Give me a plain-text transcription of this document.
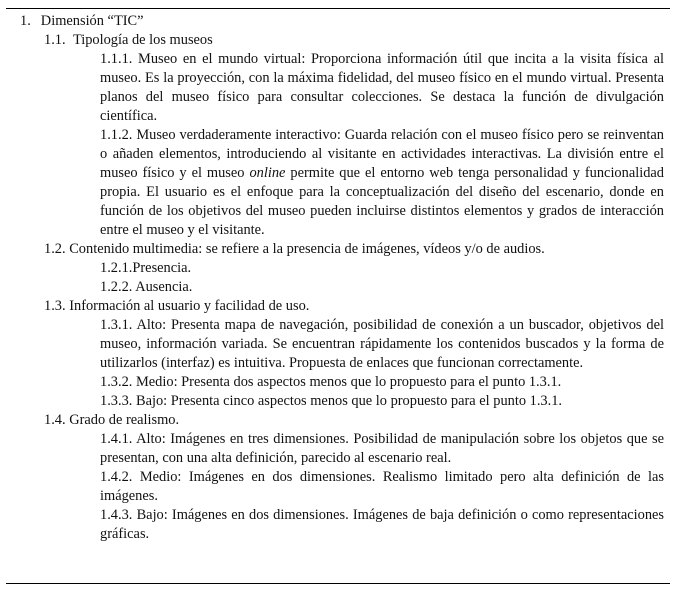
1. Dimensión “TIC”
1.1. Tipología de los museos
1.1.1. Museo en el mundo virtual: Proporciona información útil que incita a la visita física al museo. Es la proyección, con la máxima fidelidad, del museo físico en el mundo virtual. Presenta planos del museo físico para consultar colecciones. Se destaca la función de divulgación científica.
1.1.2. Museo verdaderamente interactivo: Guarda relación con el museo físico pero se reinventan o añaden elementos, introduciendo al visitante en actividades interactivas. La división entre el museo físico y el museo online permite que el entorno web tenga personalidad y funcionalidad propia. El usuario es el enfoque para la conceptualización del diseño del escenario, donde en función de los objetivos del museo pueden incluirse distintos elementos y grados de interacción entre el museo y el visitante.
1.2. Contenido multimedia: se refiere a la presencia de imágenes, vídeos y/o de audios.
1.2.1.Presencia.
1.2.2. Ausencia.
1.3. Información al usuario y facilidad de uso.
1.3.1. Alto: Presenta mapa de navegación, posibilidad de conexión a un buscador, objetivos del museo, información variada. Se encuentran rápidamente los contenidos buscados y la forma de utilizarlos (interfaz) es intuitiva. Propuesta de enlaces que funcionan correctamente.
1.3.2. Medio: Presenta dos aspectos menos que lo propuesto para el punto 1.3.1.
1.3.3. Bajo: Presenta cinco aspectos menos que lo propuesto para el punto 1.3.1.
1.4. Grado de realismo.
1.4.1. Alto: Imágenes en tres dimensiones. Posibilidad de manipulación sobre los objetos que se presentan, con una alta definición, parecido al escenario real.
1.4.2. Medio: Imágenes en dos dimensiones. Realismo limitado pero alta definición de las imágenes.
1.4.3. Bajo: Imágenes en dos dimensiones. Imágenes de baja definición o como representaciones gráficas.
